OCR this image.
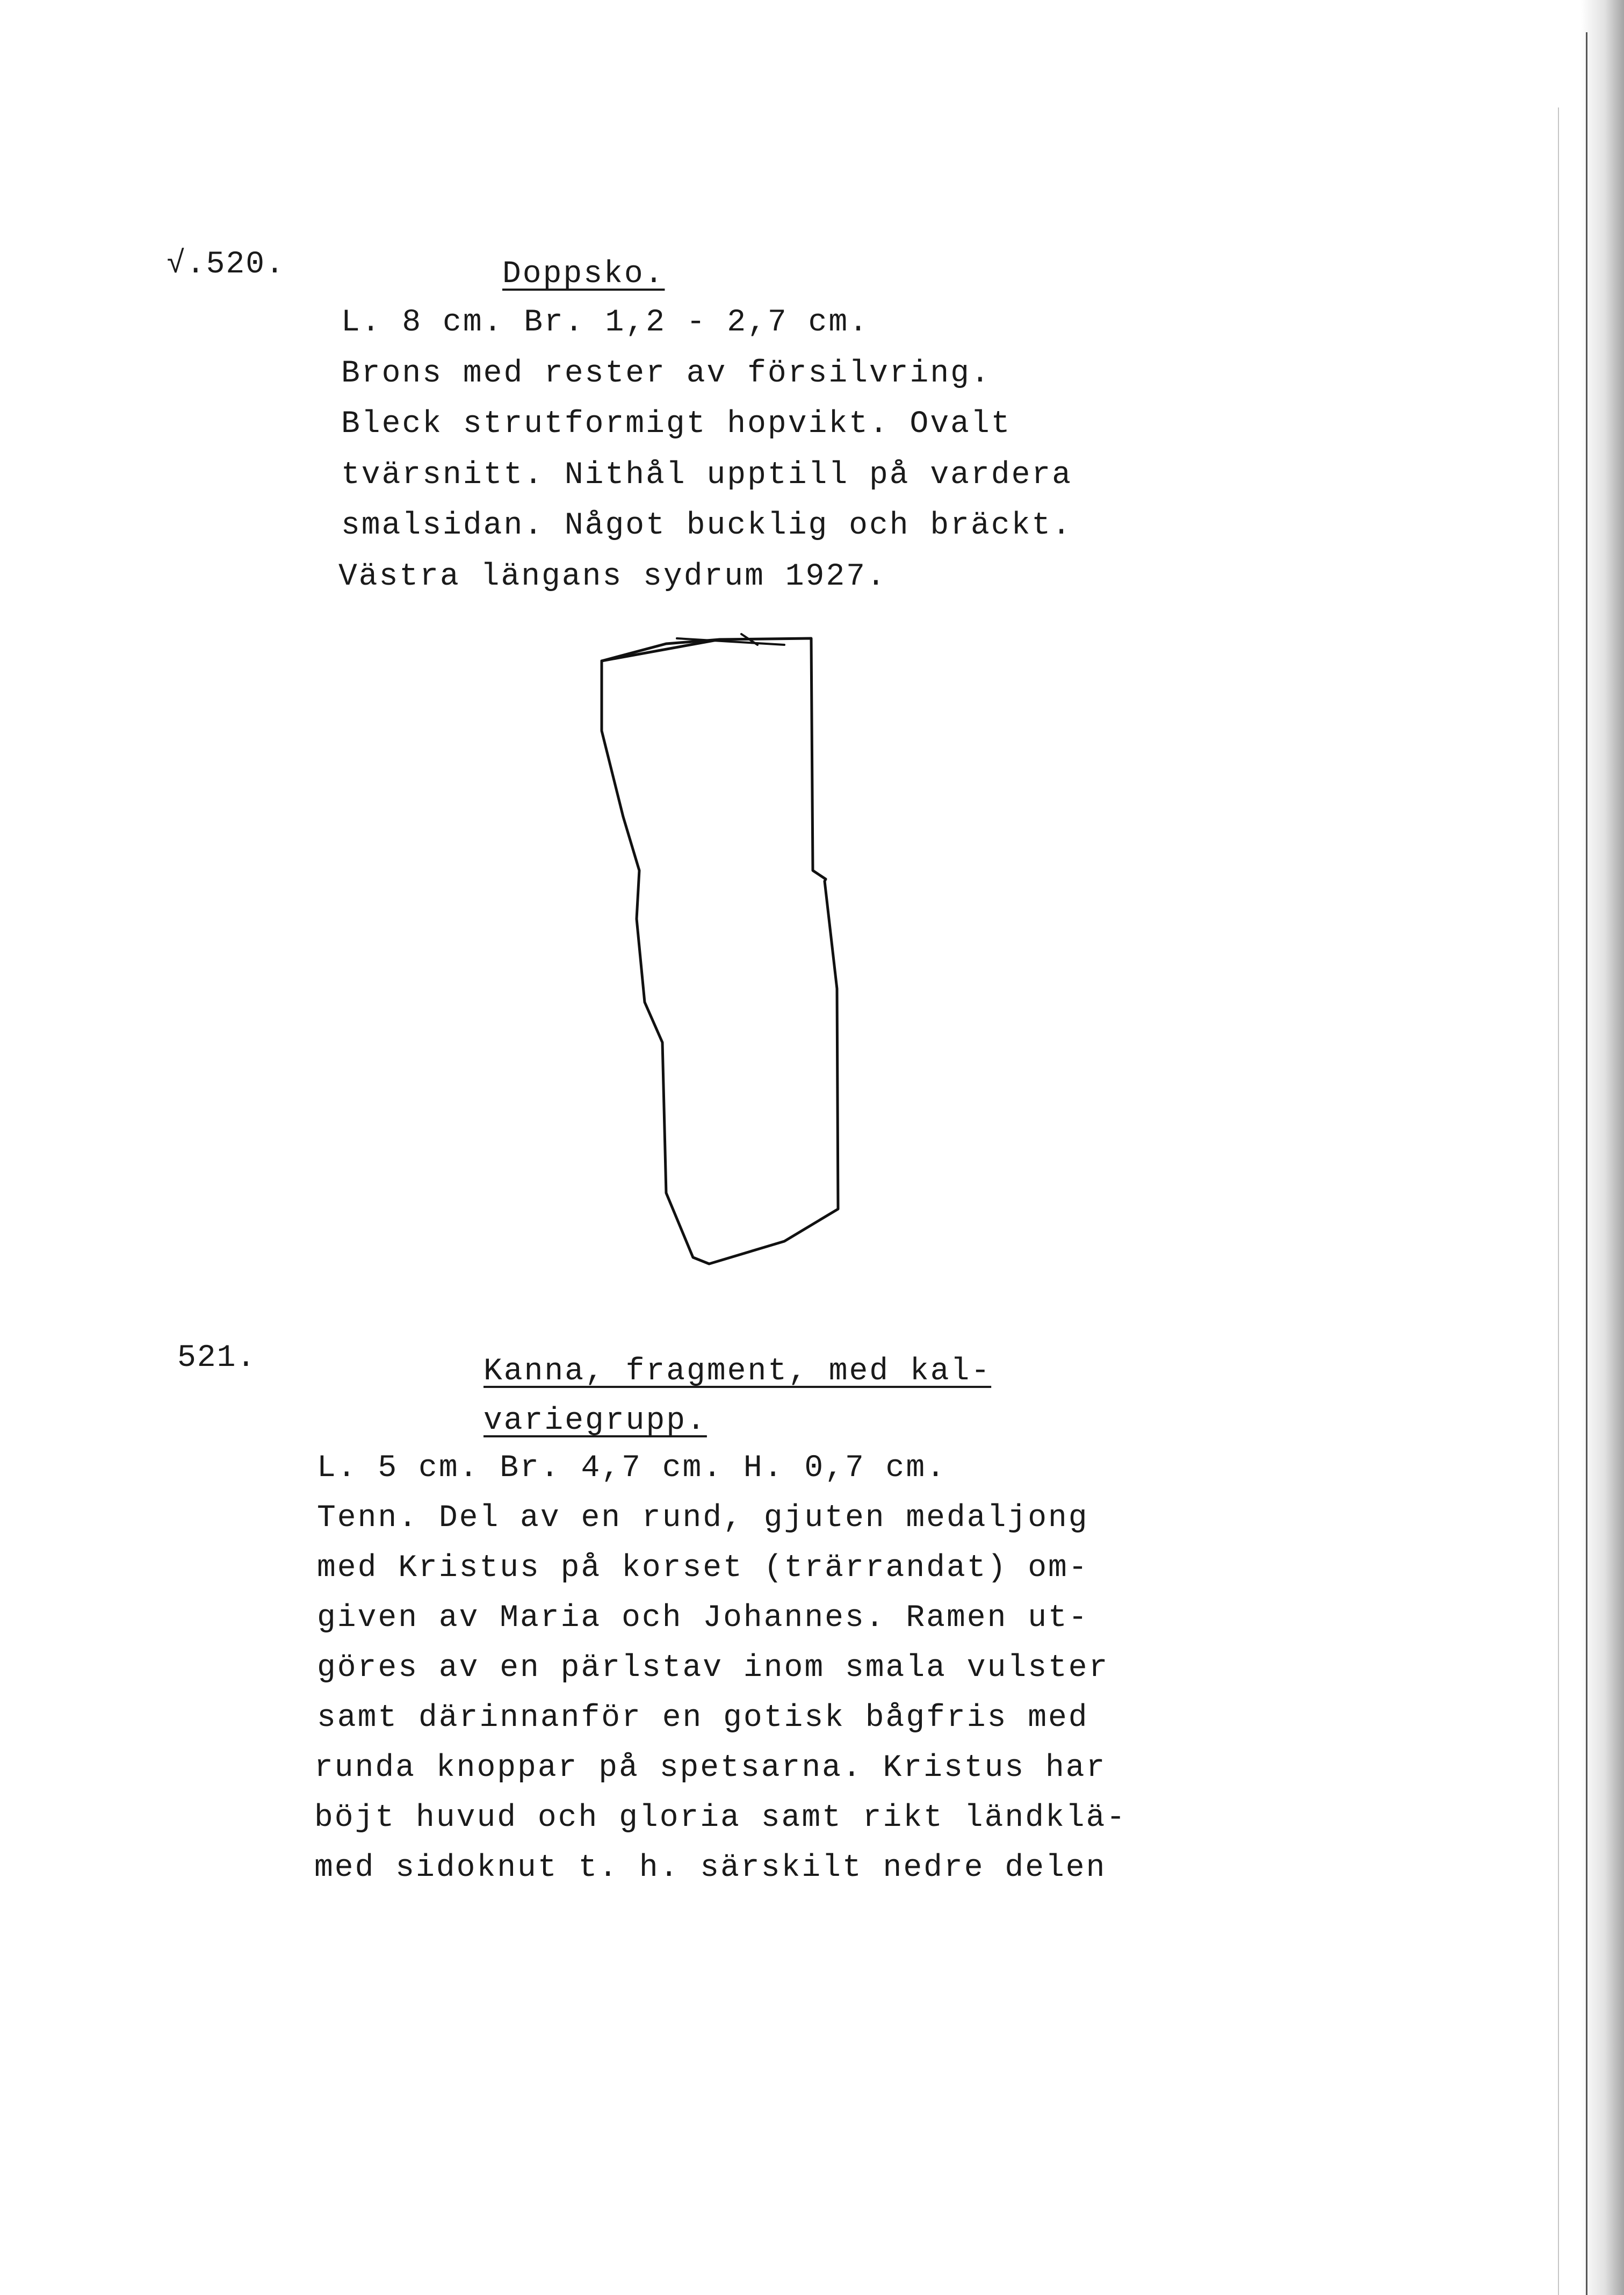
√.520.	Doppsko.
L. 8 cm. Br. 1,2 - 2,7 cm.
Brons med rester av försilvring.
Bleck strutformigt hopvikt. Ovalt
tvärsnitt. Nithål upptill på vardera
smalsidan. Något bucklig och bräckt.
Västra längans sydrum 1927.
521.	Kanna, fragment, med kal-
variegrupp.
L. 5 cm. Br. 4,7 cm. H. 0,7 cm.
Tenn. Del av en rund, gjuten medaljong
med Kristus på korset (trärrandat) om-
given av Maria och Johannes. Ramen ut-
göres av en pärlstav inom smala vulster
samt därinnanför en gotisk bågfris med
runda knoppar på spetsarna. Kristus har
böjt huvud och gloria samt rikt ländklä-
med sidoknut t. h. särskilt nedre delen
